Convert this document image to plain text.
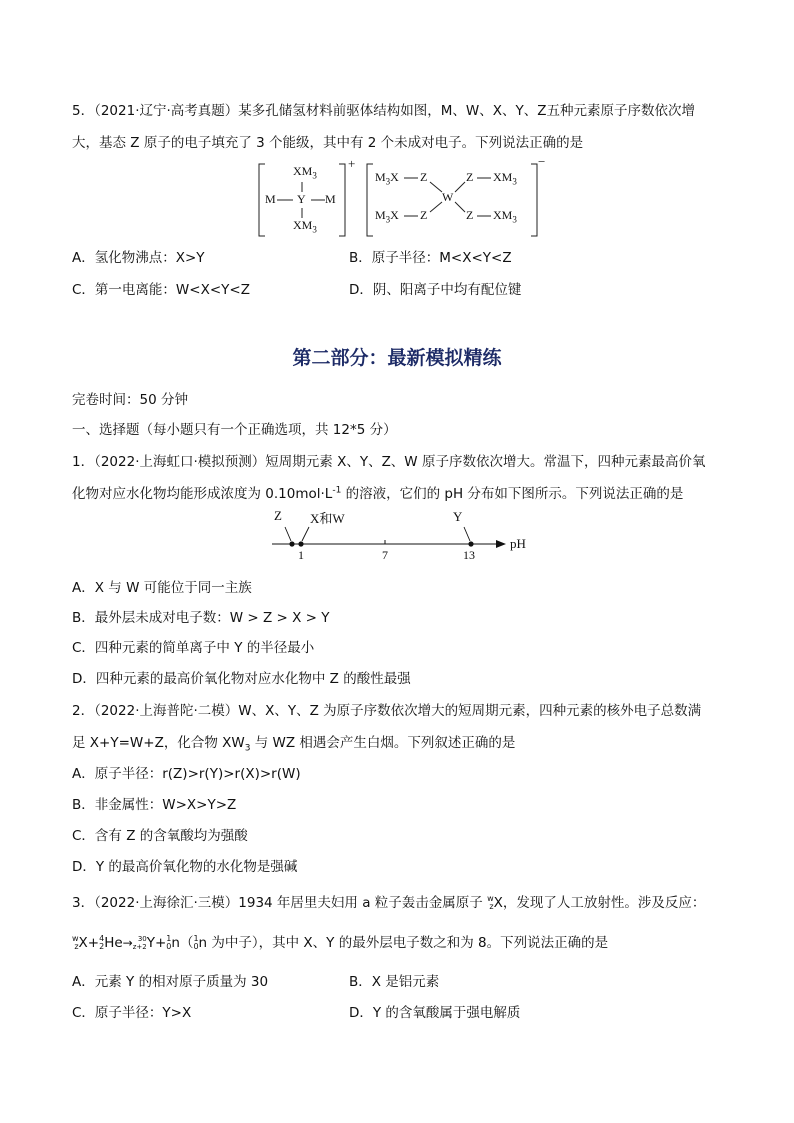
5．（2021·辽宁·高考真题）某多孔储氢材料前驱体结构如图，M、W、X、Y、Z五种元素原子序数依次增
大，基态 Z 原子的电子填充了 3 个能级，其中有 2 个未成对电子。下列说法正确的是
$XM_3$
M Y M
$XM_3$
+
$M_3X$ Z
W
Z $XM_3$
$M_3X$ Z	Z $XM_3$
−
A．氢化物沸点：X>Y	B．原子半径：M<X<Y<Z
C．第一电离能：W<X<Y<Z	D．阴、阳离子中均有配位键
第二部分：最新模拟精练
完卷时间：50 分钟
一、选择题（每小题只有一个正确选项，共 12*5 分）
1．（2022·上海虹口·模拟预测）短周期元素 X、Y、Z、W 原子序数依次增大。常温下，四种元素最高价氧
化物对应水化物均能形成浓度为 $0.10mol\cdot L^{-1}$ 的溶液，它们的 pH 分布如下图所示。下列说法正确的是
Z X和W	Y
1	7	13
pH
A．X 与 W 可能位于同一主族
B．最外层未成对电子数：W > Z > X > Y
C．四种元素的简单离子中 Y 的半径最小
D．四种元素的最高价氧化物对应水化物中 Z 的酸性最强
2．（2022·上海普陀·二模）W、X、Y、Z 为原子序数依次增大的短周期元素，四种元素的核外电子总数满
足 X+Y=W+Z，化合物 $XW_3$ 与 WZ 相遇会产生白烟。下列叙述正确的是
A．原子半径：r(Z)>r(Y)>r(X)>r(W)
B．非金属性：W>X>Y>Z
C．含有 Z 的含氧酸均为强酸
D．Y 的最高价氧化物的水化物是强碱
3．（2022·上海徐汇·三模）1934 年居里夫妇用 a 粒子轰击金属原子 w
zX，发现了人工放射性。涉及反应：
w
zX+4
2He→ 30
z+2Y+1
0n（1
0n 为中子），其中 X、Y 的最外层电子数之和为 8。下列说法正确的是
A．元素 Y 的相对原子质量为 30	B．X 是铝元素
C．原子半径：Y>X	D．Y 的含氧酸属于强电解质
